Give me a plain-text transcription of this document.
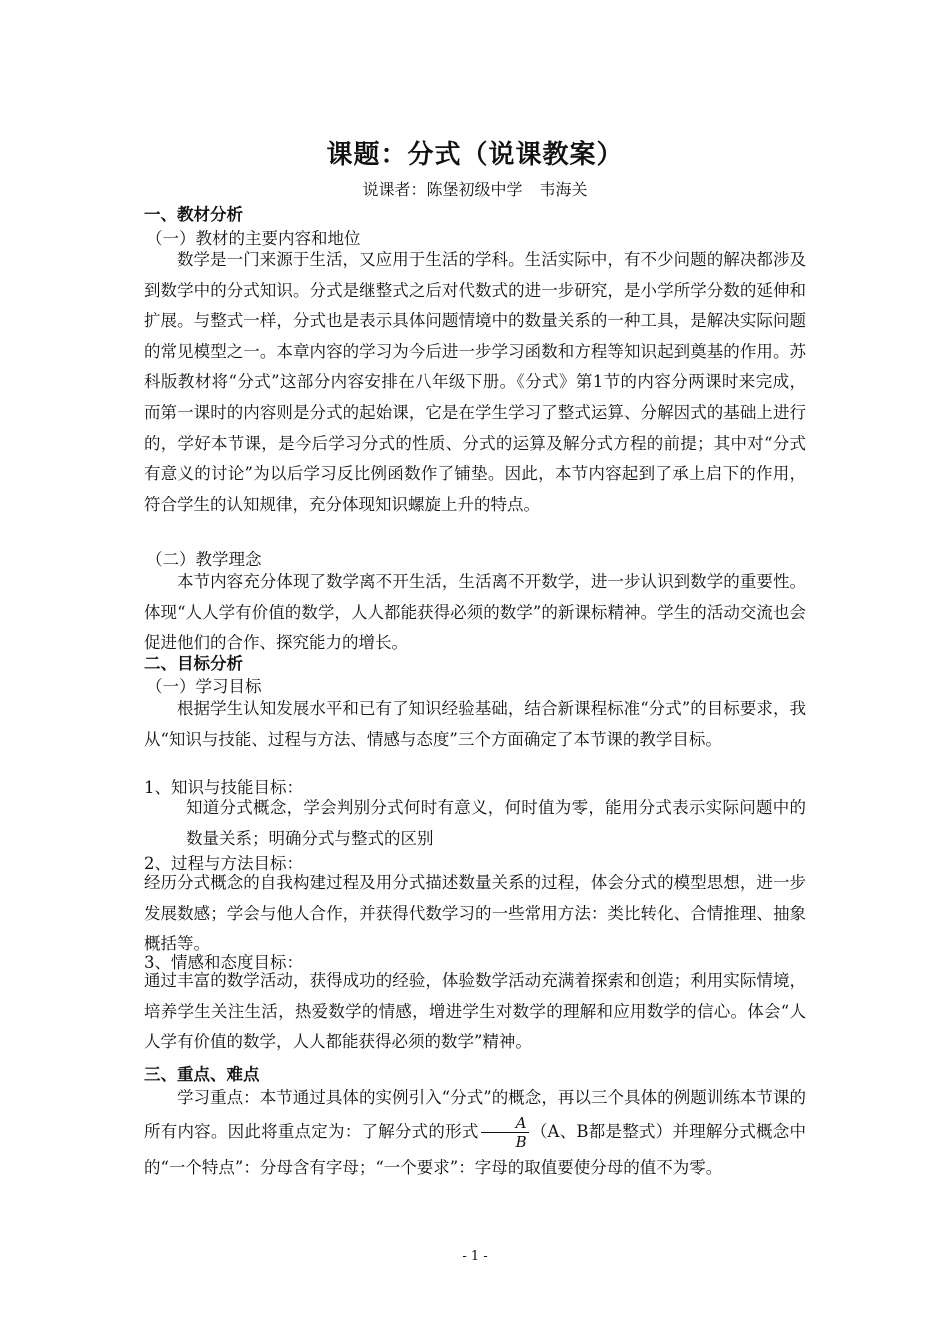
课题：分式（说课教案）
说课者：陈堡初级中学 韦海关
一、教材分析
（一）教材的主要内容和地位
数学是一门来源于生活，又应用于生活的学科。生活实际中，有不少问题的解决都涉及到数学中的分式知识。分式是继整式之后对代数式的进一步研究，是小学所学分数的延伸和扩展。与整式一样，分式也是表示具体问题情境中的数量关系的一种工具，是解决实际问题的常见模型之一。本章内容的学习为今后进一步学习函数和方程等知识起到奠基的作用。苏科版教材将“分式”这部分内容安排在八年级下册。《分式》第1节的内容分两课时来完成，而第一课时的内容则是分式的起始课，它是在学生学习了整式运算、分解因式的基础上进行的，学好本节课，是今后学习分式的性质、分式的运算及解分式方程的前提；其中对“分式有意义的讨论”为以后学习反比例函数作了铺垫。因此，本节内容起到了承上启下的作用，符合学生的认知规律，充分体现知识螺旋上升的特点。
（二）教学理念
本节内容充分体现了数学离不开生活，生活离不开数学，进一步认识到数学的重要性。体现“人人学有价值的数学，人人都能获得必须的数学”的新课标精神。学生的活动交流也会促进他们的合作、探究能力的增长。
二、目标分析
（一）学习目标
根据学生认知发展水平和已有了知识经验基础，结合新课程标准“分式”的目标要求，我从“知识与技能、过程与方法、情感与态度”三个方面确定了本节课的教学目标。
1、知识与技能目标：
知道分式概念，学会判别分式何时有意义，何时值为零，能用分式表示实际问题中的数量关系；明确分式与整式的区别
2、过程与方法目标：
经历分式概念的自我构建过程及用分式描述数量关系的过程，体会分式的模型思想，进一步发展数感；学会与他人合作，并获得代数学习的一些常用方法：类比转化、合情推理、抽象概括等。
3、情感和态度目标：
通过丰富的数学活动，获得成功的经验，体验数学活动充满着探索和创造；利用实际情境，培养学生关注生活，热爱数学的情感，增进学生对数学的理解和应用数学的信心。体会“人人学有价值的数学，人人都能获得必须的数学”精神。
三、重点、难点
学习重点：本节通过具体的实例引入“分式”的概念，再以三个具体的例题训练本节课的所有内容。因此将重点定为：了解分式的形式 $\frac{A}{B} (A$、B都是整式）并理解分式概念中的“一个特点”：分母含有字母；“一个要求”：字母的取值要使分母的值不为零。
- 1 -
